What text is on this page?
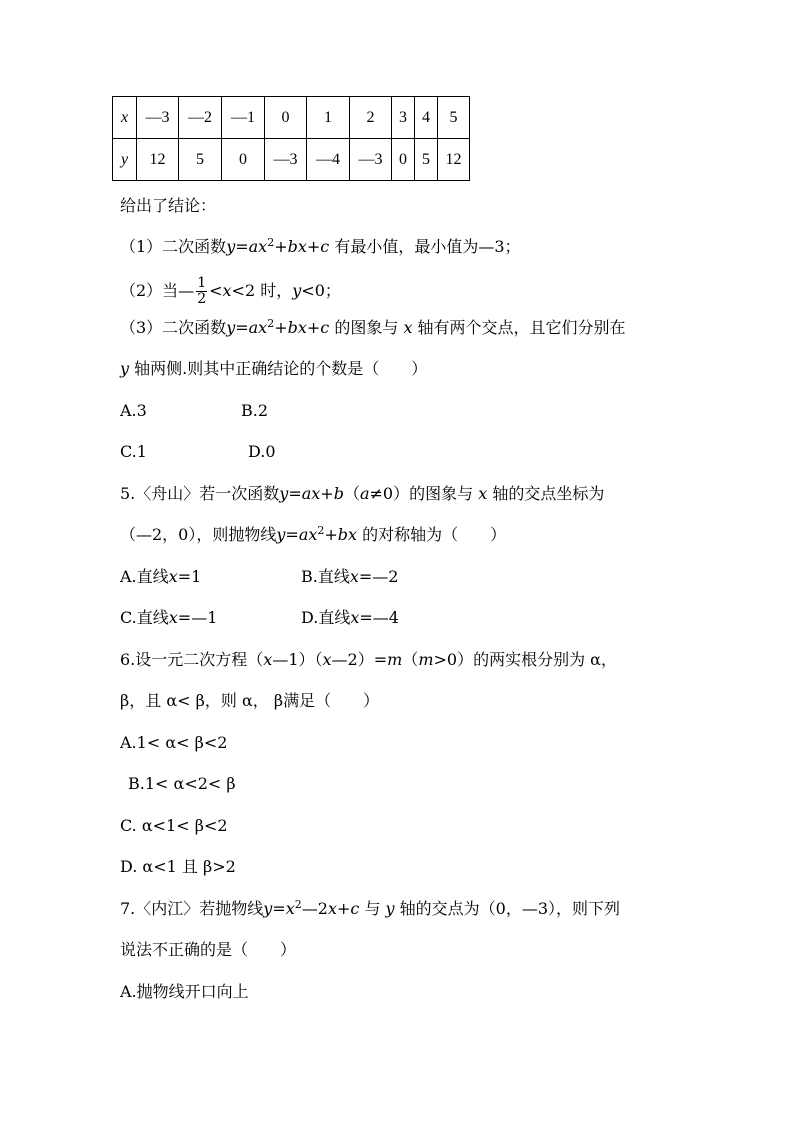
x	—3	—2	—1	0	1	2	3	4	5
y	12	5	0	—3	—4	—3	0	5	12
给出了结论：
（1）二次函数$y=ax^2+bx+c$ 有最小值，最小值为—3；
（2）当— $\frac{1}{2} <x<2$ 时，y<0；
（3）二次函数$y=ax^2+bx+c$ 的图象与 x 轴有两个交点，且它们分别在
y 轴两侧.则其中正确结论的个数是（　　）
A.3	B.2
C.1	D.0
5.〈舟山〉若一次函数y=ax+b（a≠0）的图象与 x 轴的交点坐标为
（—2，0），则抛物线$y=ax^2+bx$ 的对称轴为（　　）
A.直线x=1	B.直线x=—2
C.直线x=—1	D.直线x=—4
6.设一元二次方程（x—1）（x—2）=m（m>0）的两实根分别为 α，
β，且 α< β，则 α， β满足（　　）
A.1< α< β<2
B.1< α<2< β
C. α<1< β<2
D. α<1 且 β>2
7.〈内江〉若抛物线$y=x^2—2x+c$ 与 y 轴的交点为（0，—3），则下列
说法不正确的是（　　）
A.抛物线开口向上
